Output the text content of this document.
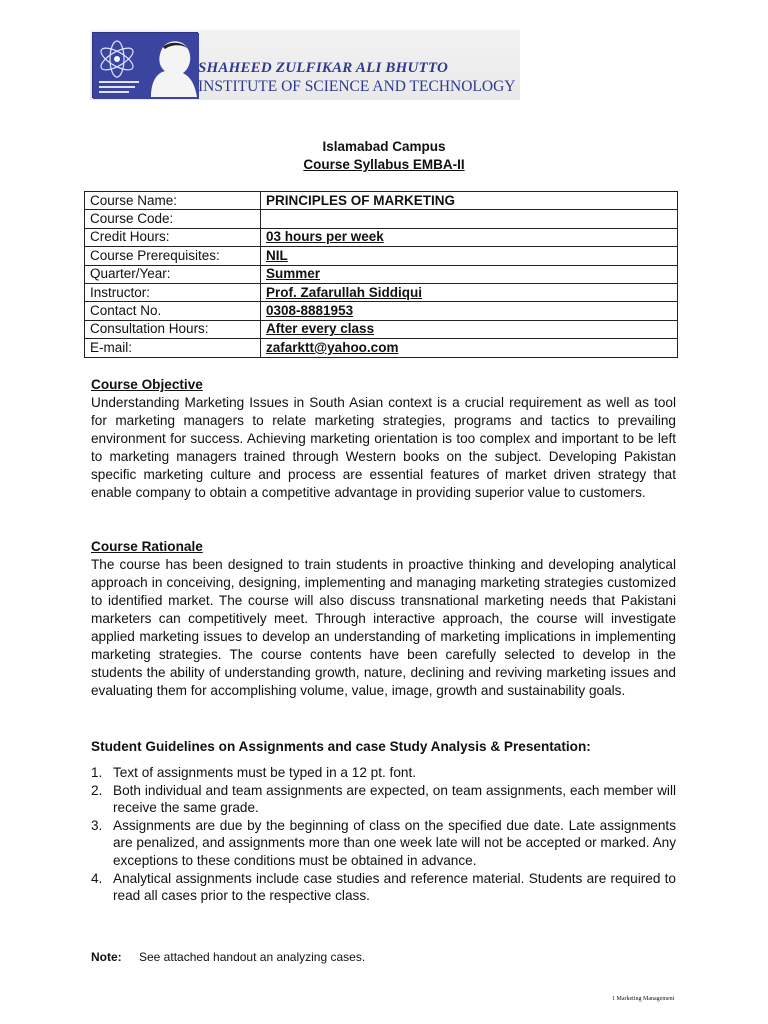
SHAHEED ZULFIKAR ALI BHUTTO
INSTITUTE OF SCIENCE AND TECHNOLOGY
Islamabad Campus
Course Syllabus EMBA-II
Course Name:	PRINCIPLES OF MARKETING
Course Code:	
Credit Hours:	03 hours per week
Course Prerequisites:	NIL
Quarter/Year:	Summer
Instructor:	Prof. Zafarullah Siddiqui
Contact No.	0308-8881953
Consultation Hours:	After every class
E-mail:	zafarktt@yahoo.com
Course Objective

Understanding Marketing Issues in South Asian context is a crucial requirement as well as tool for marketing managers to relate marketing strategies, programs and tactics to prevailing environment for success. Achieving marketing orientation is too complex and important to be left to marketing managers trained through Western books on the subject. Developing Pakistan specific marketing culture and process are essential features of market driven strategy that enable company to obtain a competitive advantage in providing superior value to customers.

Course Rationale

The course has been designed to train students in proactive thinking and developing analytical approach in conceiving, designing, implementing and managing marketing strategies customized to identified market. The course will also discuss transnational marketing needs that Pakistani marketers can competitively meet. Through interactive approach, the course will investigate applied marketing issues to develop an understanding of marketing implications in implementing marketing strategies. The course contents have been carefully selected to develop in the students the ability of understanding growth, nature, declining and reviving marketing issues and evaluating them for accomplishing volume, value, image, growth and sustainability goals.

Student Guidelines on Assignments and case Study Analysis & Presentation:
1. Text of assignments must be typed in a 12 pt. font.
2. Both individual and team assignments are expected, on team assignments, each member will receive the same grade.
3. Assignments are due by the beginning of class on the specified due date. Late assignments are penalized, and assignments more than one week late will not be accepted or marked. Any exceptions to these conditions must be obtained in advance.
4. Analytical assignments include case studies and reference material. Students are required to read all cases prior to the respective class.
Note: See attached handout an analyzing cases.
1 Marketing Management
